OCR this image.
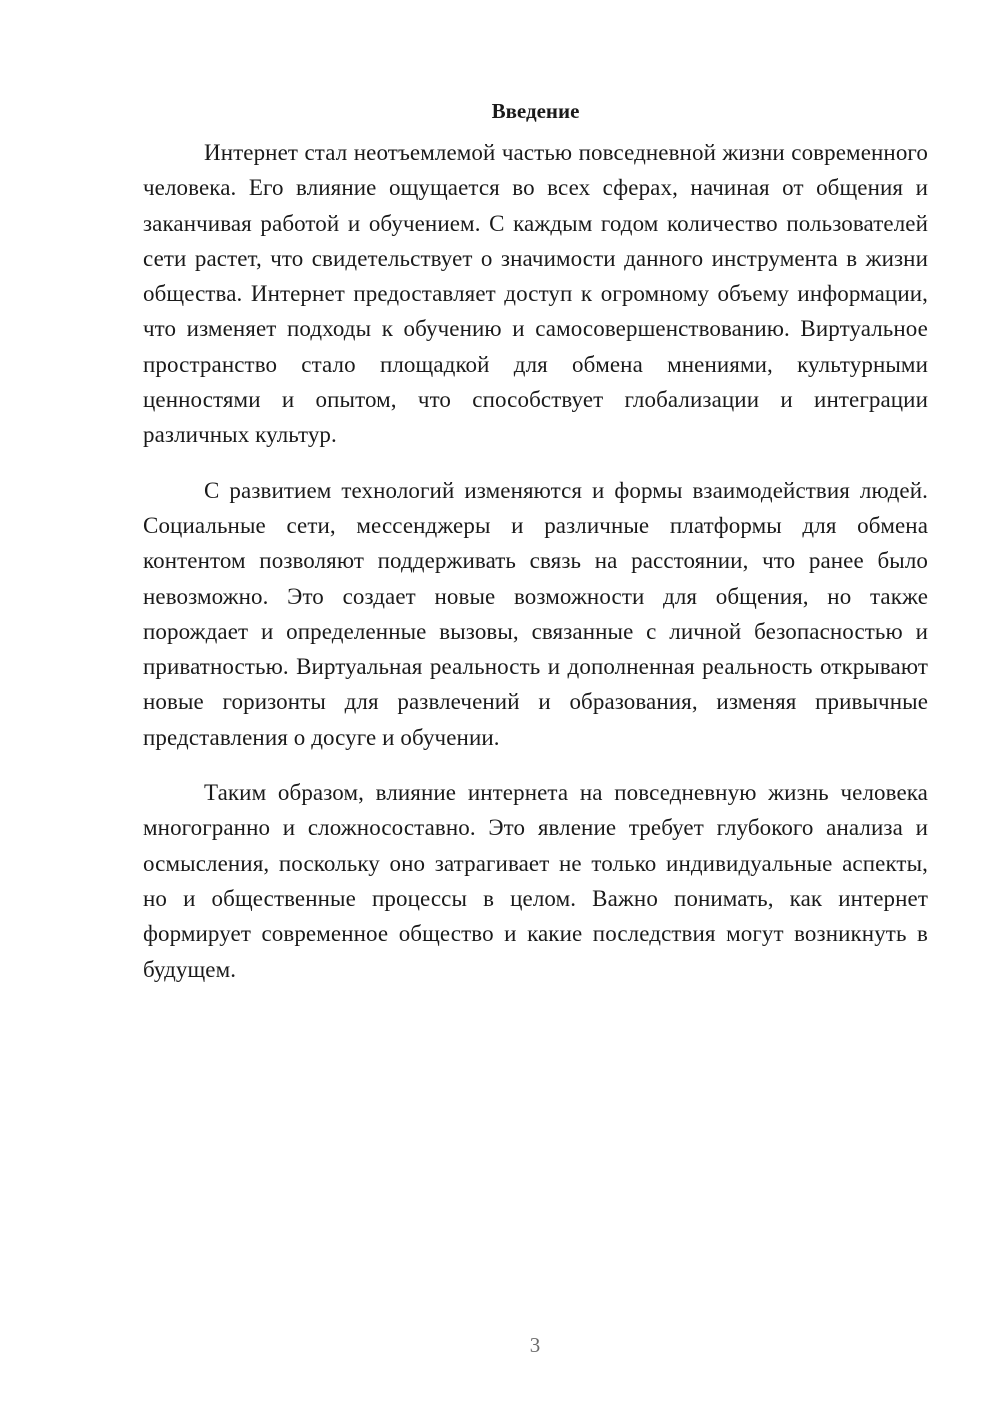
Введение

Интернет стал неотъемлемой частью повседневной жизни современного человека. Его влияние ощущается во всех сферах, начиная от общения и заканчивая работой и обучением. С каждым годом количество пользователей сети растет, что свидетельствует о значимости данного инструмента в жизни общества. Интернет предоставляет доступ к огромному объему информации, что изменяет подходы к обучению и самосовершенствованию. Виртуальное пространство стало площадкой для обмена мнениями, культурными ценностями и опытом, что способствует глобализации и интеграции различных культур.

С развитием технологий изменяются и формы взаимодействия людей. Социальные сети, мессенджеры и различные платформы для обмена контентом позволяют поддерживать связь на расстоянии, что ранее было невозможно. Это создает новые возможности для общения, но также порождает и определенные вызовы, связанные с личной безопасностью и приватностью. Виртуальная реальность и дополненная реальность открывают новые горизонты для развлечений и образования, изменяя привычные представления о досуге и обучении.

Таким образом, влияние интернета на повседневную жизнь человека многогранно и сложносоставно. Это явление требует глубокого анализа и осмысления, поскольку оно затрагивает не только индивидуальные аспекты, но и общественные процессы в целом. Важно понимать, как интернет формирует современное общество и какие последствия могут возникнуть в будущем.

3
